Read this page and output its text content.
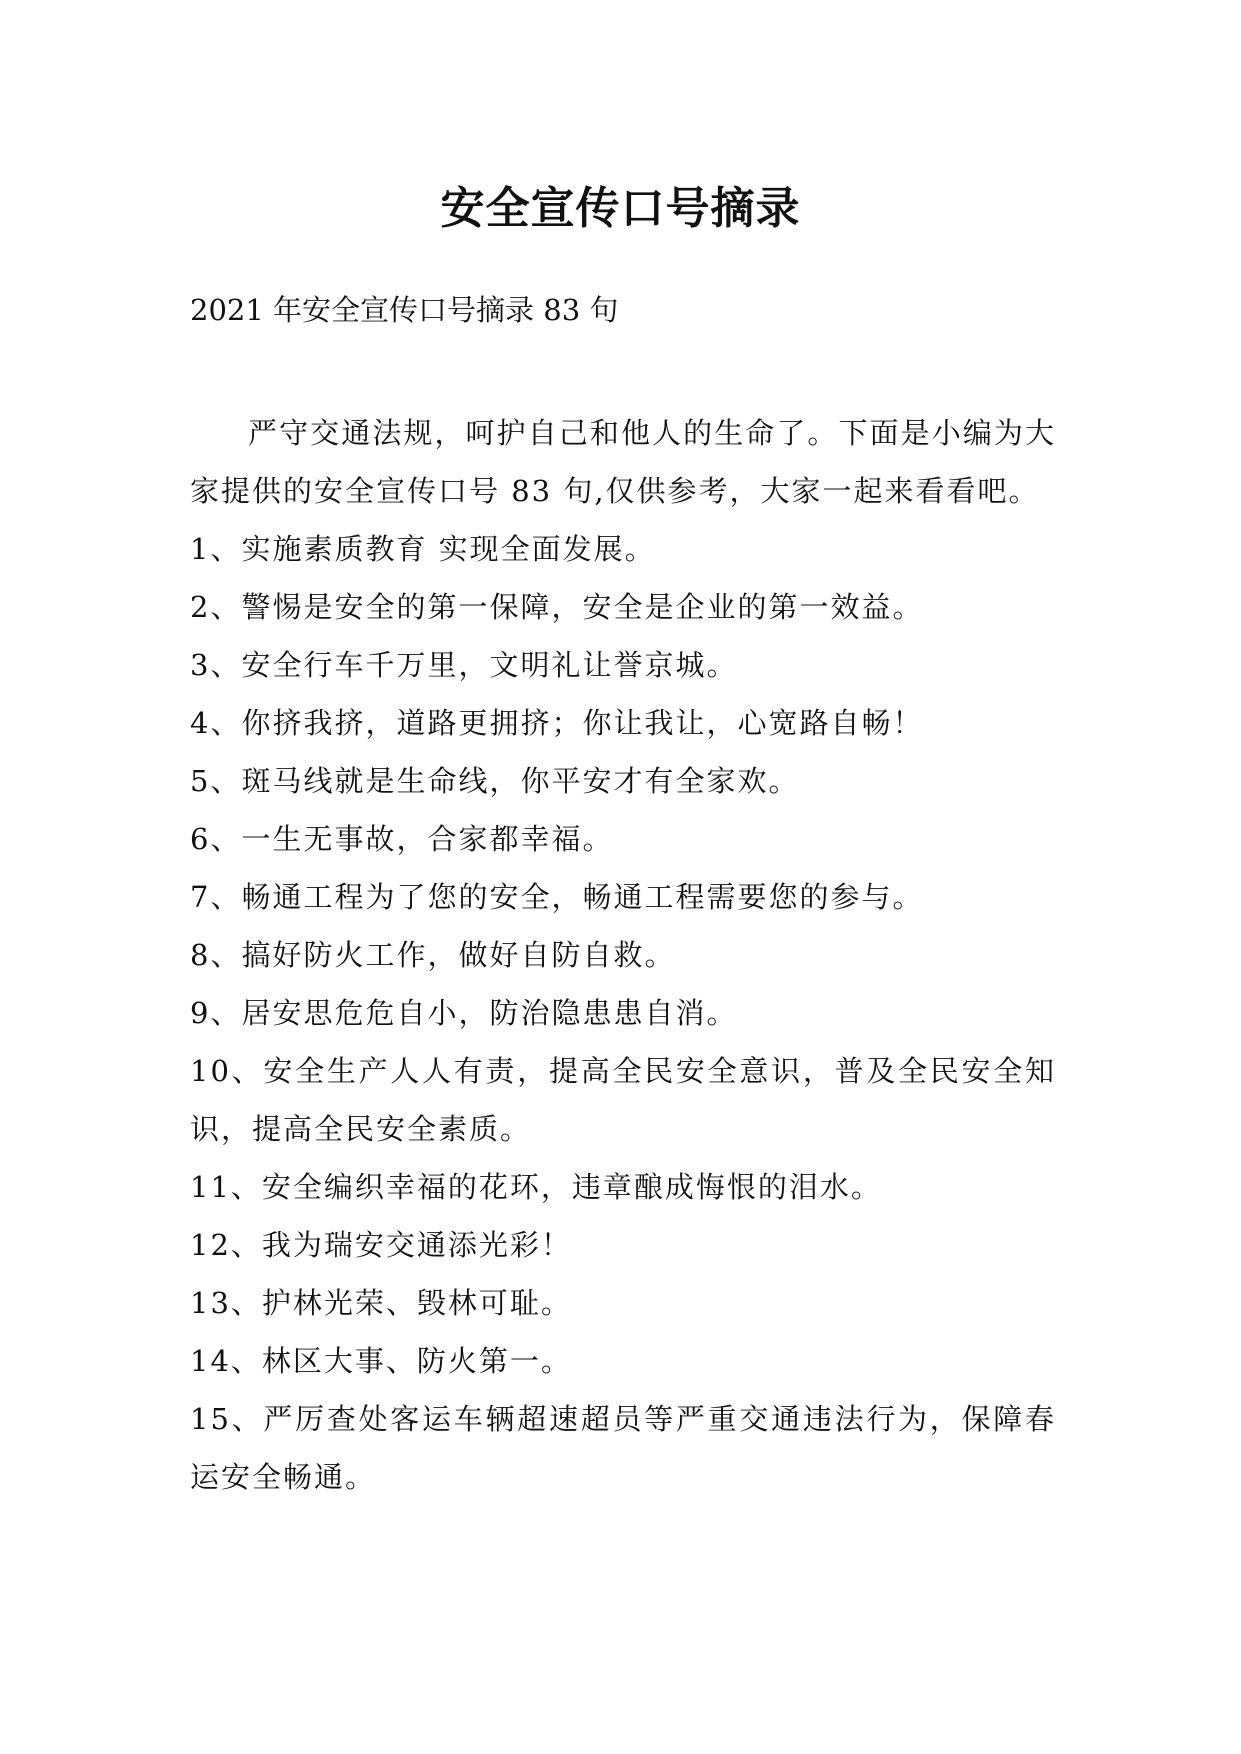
安全宣传口号摘录
2021 年安全宣传口号摘录 83 句

严守交通法规，呵护自己和他人的生命了。下面是小编为大家提供的安全宣传口号 83 句,仅供参考，大家一起来看看吧。

1、实施素质教育 实现全面发展。

2、警惕是安全的第一保障，安全是企业的第一效益。

3、安全行车千万里，文明礼让誉京城。

4、你挤我挤，道路更拥挤；你让我让，心宽路自畅！

5、斑马线就是生命线，你平安才有全家欢。

6、一生无事故，合家都幸福。

7、畅通工程为了您的安全，畅通工程需要您的参与。

8、搞好防火工作，做好自防自救。

9、居安思危危自小，防治隐患患自消。

10、安全生产人人有责，提高全民安全意识，普及全民安全知识，提高全民安全素质。

11、安全编织幸福的花环，违章酿成悔恨的泪水。

12、我为瑞安交通添光彩！

13、护林光荣、毁林可耻。

14、林区大事、防火第一。

15、严厉查处客运车辆超速超员等严重交通违法行为，保障春运安全畅通。
